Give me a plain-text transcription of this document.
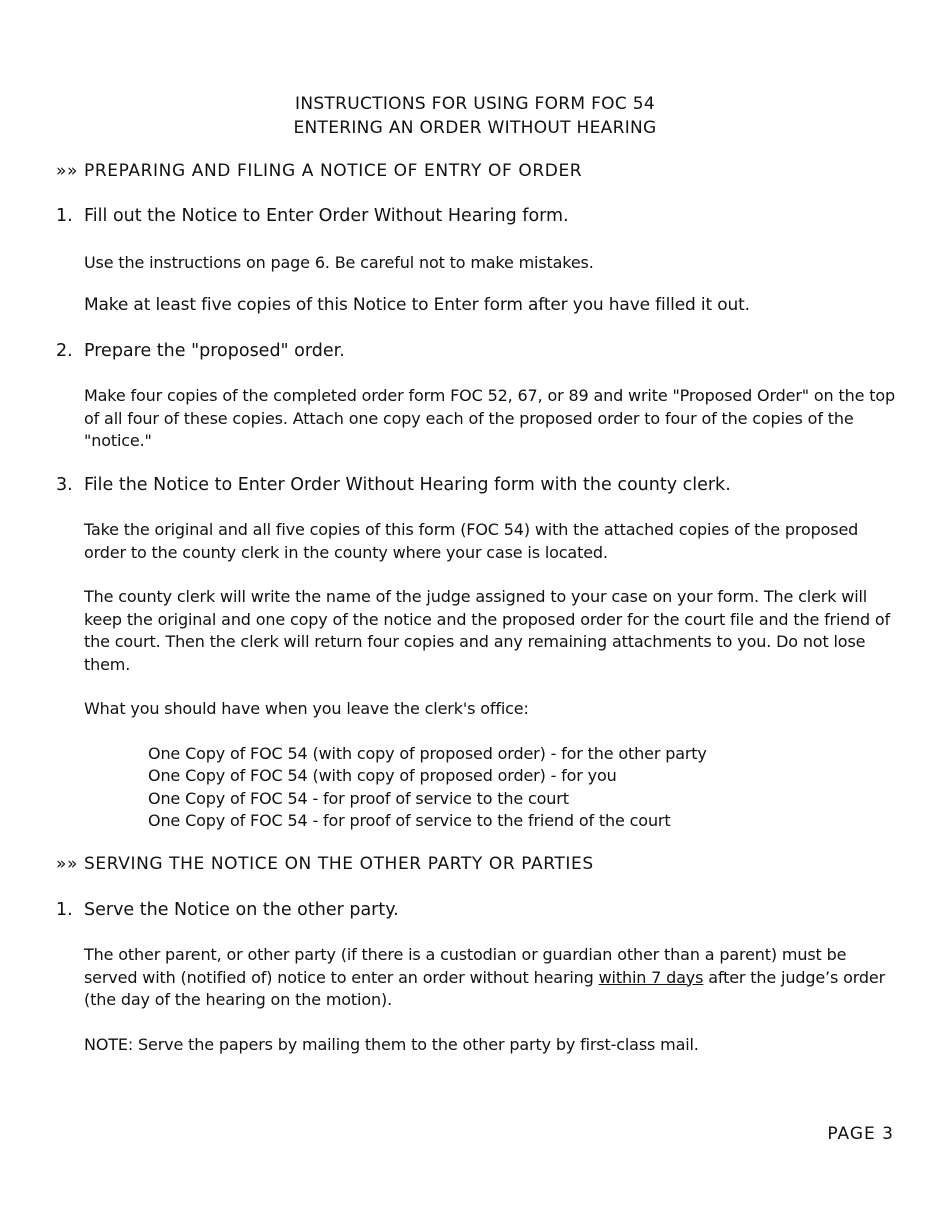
INSTRUCTIONS FOR USING FORM FOC 54
ENTERING AN ORDER WITHOUT HEARING
»» PREPARING AND FILING A NOTICE OF ENTRY OF ORDER
1. Fill out the Notice to Enter Order Without Hearing form.
Use the instructions on page 6. Be careful not to make mistakes.
Make at least five copies of this Notice to Enter form after you have filled it out.
2. Prepare the "proposed" order.
Make four copies of the completed order form FOC 52, 67, or 89 and write "Proposed Order" on the top of all four of these copies. Attach one copy each of the proposed order to four of the copies of the "notice."
3. File the Notice to Enter Order Without Hearing form with the county clerk.
Take the original and all five copies of this form (FOC 54) with the attached copies of the proposed order to the county clerk in the county where your case is located.
The county clerk will write the name of the judge assigned to your case on your form. The clerk will keep the original and one copy of the notice and the proposed order for the court file and the friend of the court. Then the clerk will return four copies and any remaining attachments to you. Do not lose them.
What you should have when you leave the clerk's office:
One Copy of FOC 54 (with copy of proposed order) - for the other party
One Copy of FOC 54 (with copy of proposed order) - for you
One Copy of FOC 54 - for proof of service to the court
One Copy of FOC 54 - for proof of service to the friend of the court
»» SERVING THE NOTICE ON THE OTHER PARTY OR PARTIES
1. Serve the Notice on the other party.
The other parent, or other party (if there is a custodian or guardian other than a parent) must be served with (notified of) notice to enter an order without hearing within 7 days after the judge’s order (the day of the hearing on the motion).
NOTE: Serve the papers by mailing them to the other party by first-class mail.
PAGE 3
